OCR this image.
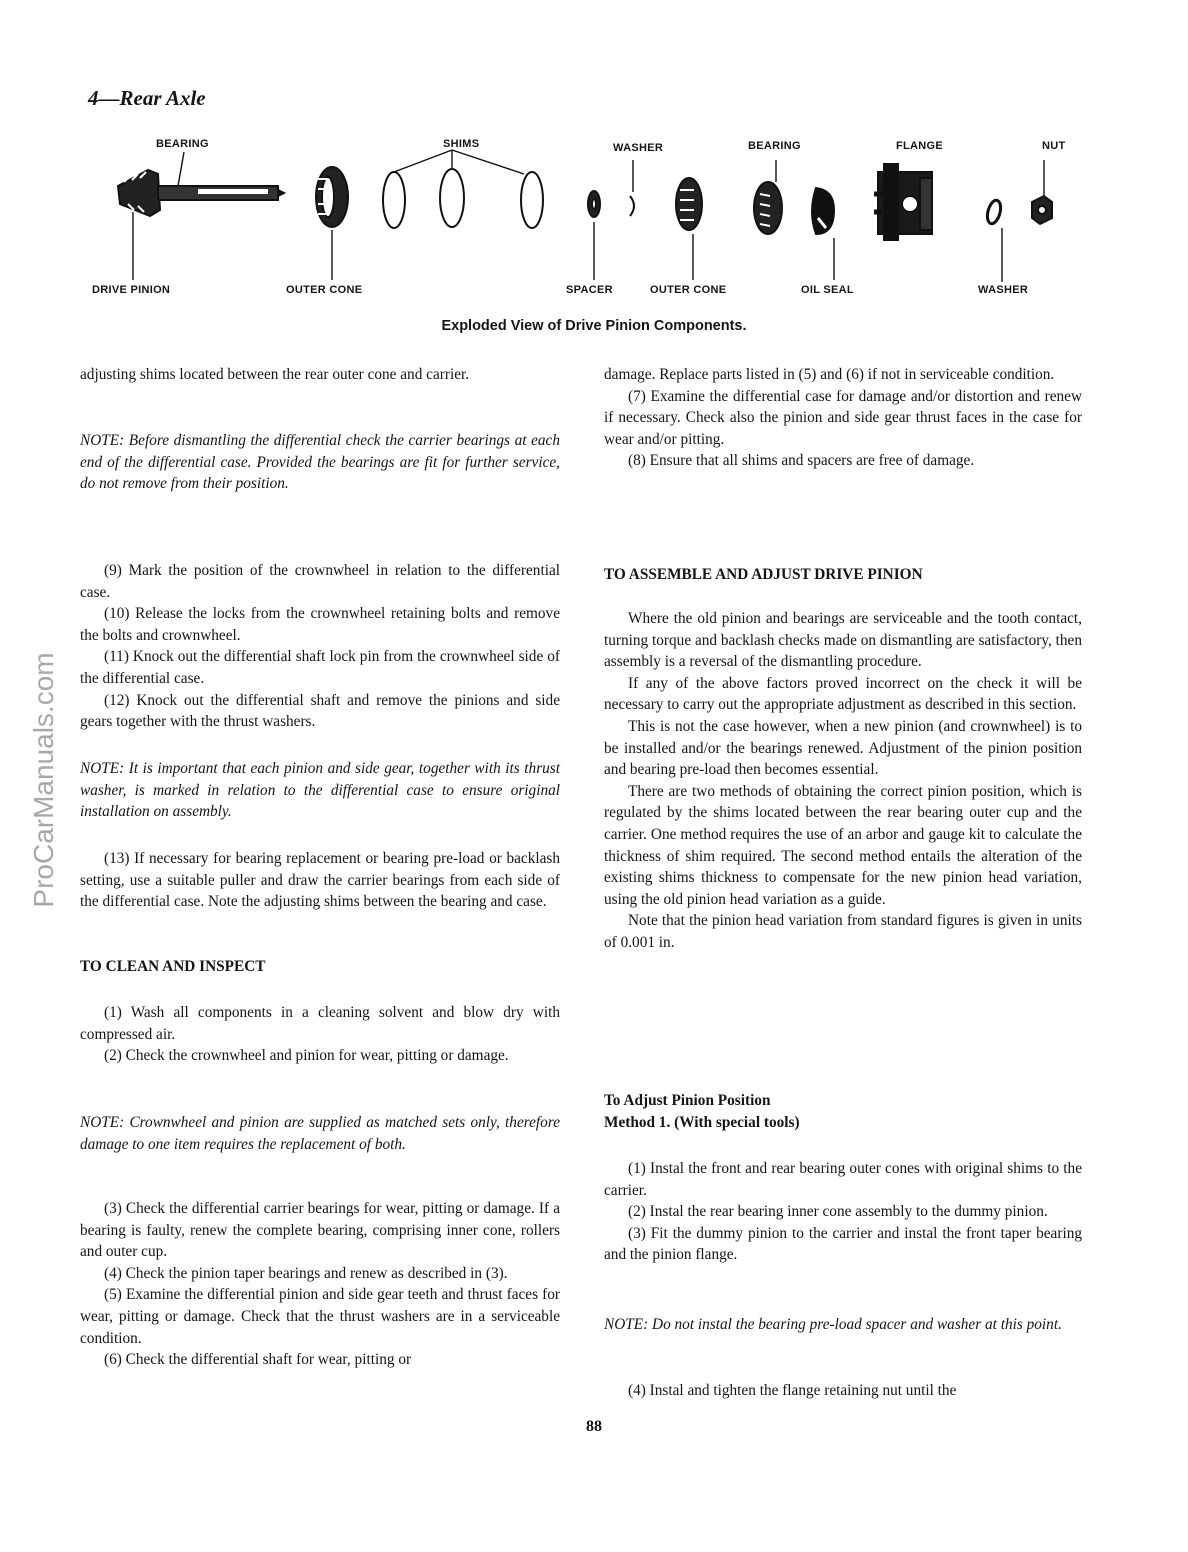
4—Rear Axle
ProCarManuals.com
BEARING	SHIMS	WASHER	BEARING	FLANGE	NUT
DRIVE PINION	OUTER CONE	SPACER	OUTER CONE	OIL SEAL	WASHER
Exploded View of Drive Pinion Components.

adjusting shims located between the rear outer cone and carrier.

NOTE: Before dismantling the differential check the carrier bearings at each end of the differential case. Provided the bearings are fit for further service, do not remove from their position.

(9) Mark the position of the crownwheel in relation to the differential case.

(10) Release the locks from the crownwheel retaining bolts and remove the bolts and crownwheel.

(11) Knock out the differential shaft lock pin from the crownwheel side of the differential case.

(12) Knock out the differential shaft and remove the pinions and side gears together with the thrust washers.

NOTE: It is important that each pinion and side gear, together with its thrust washer, is marked in relation to the differential case to ensure original installation on assembly.

(13) If necessary for bearing replacement or bearing pre-load or backlash setting, use a suitable puller and draw the carrier bearings from each side of the differential case. Note the adjusting shims between the bearing and case.

TO CLEAN AND INSPECT

(1) Wash all components in a cleaning solvent and blow dry with compressed air.

(2) Check the crownwheel and pinion for wear, pitting or damage.

NOTE: Crownwheel and pinion are supplied as matched sets only, therefore damage to one item requires the replacement of both.

(3) Check the differential carrier bearings for wear, pitting or damage. If a bearing is faulty, renew the complete bearing, comprising inner cone, rollers and outer cup.

(4) Check the pinion taper bearings and renew as described in (3).

(5) Examine the differential pinion and side gear teeth and thrust faces for wear, pitting or damage. Check that the thrust washers are in a serviceable condition.

(6) Check the differential shaft for wear, pitting or

damage. Replace parts listed in (5) and (6) if not in serviceable condition.

(7) Examine the differential case for damage and/or distortion and renew if necessary. Check also the pinion and side gear thrust faces in the case for wear and/or pitting.

(8) Ensure that all shims and spacers are free of damage.

TO ASSEMBLE AND ADJUST DRIVE PINION

Where the old pinion and bearings are serviceable and the tooth contact, turning torque and backlash checks made on dismantling are satisfactory, then assembly is a reversal of the dismantling procedure.

If any of the above factors proved incorrect on the check it will be necessary to carry out the appropriate adjustment as described in this section.

This is not the case however, when a new pinion (and crownwheel) is to be installed and/or the bearings renewed. Adjustment of the pinion position and bearing pre-load then becomes essential.

There are two methods of obtaining the correct pinion position, which is regulated by the shims located between the rear bearing outer cup and the carrier. One method requires the use of an arbor and gauge kit to calculate the thickness of shim required. The second method entails the alteration of the existing shims thickness to compensate for the new pinion head variation, using the old pinion head variation as a guide.

Note that the pinion head variation from standard figures is given in units of 0.001 in.

To Adjust Pinion Position

Method 1. (With special tools)

(1) Instal the front and rear bearing outer cones with original shims to the carrier.

(2) Instal the rear bearing inner cone assembly to the dummy pinion.

(3) Fit the dummy pinion to the carrier and instal the front taper bearing and the pinion flange.

NOTE: Do not instal the bearing pre-load spacer and washer at this point.

(4) Instal and tighten the flange retaining nut until the

88
